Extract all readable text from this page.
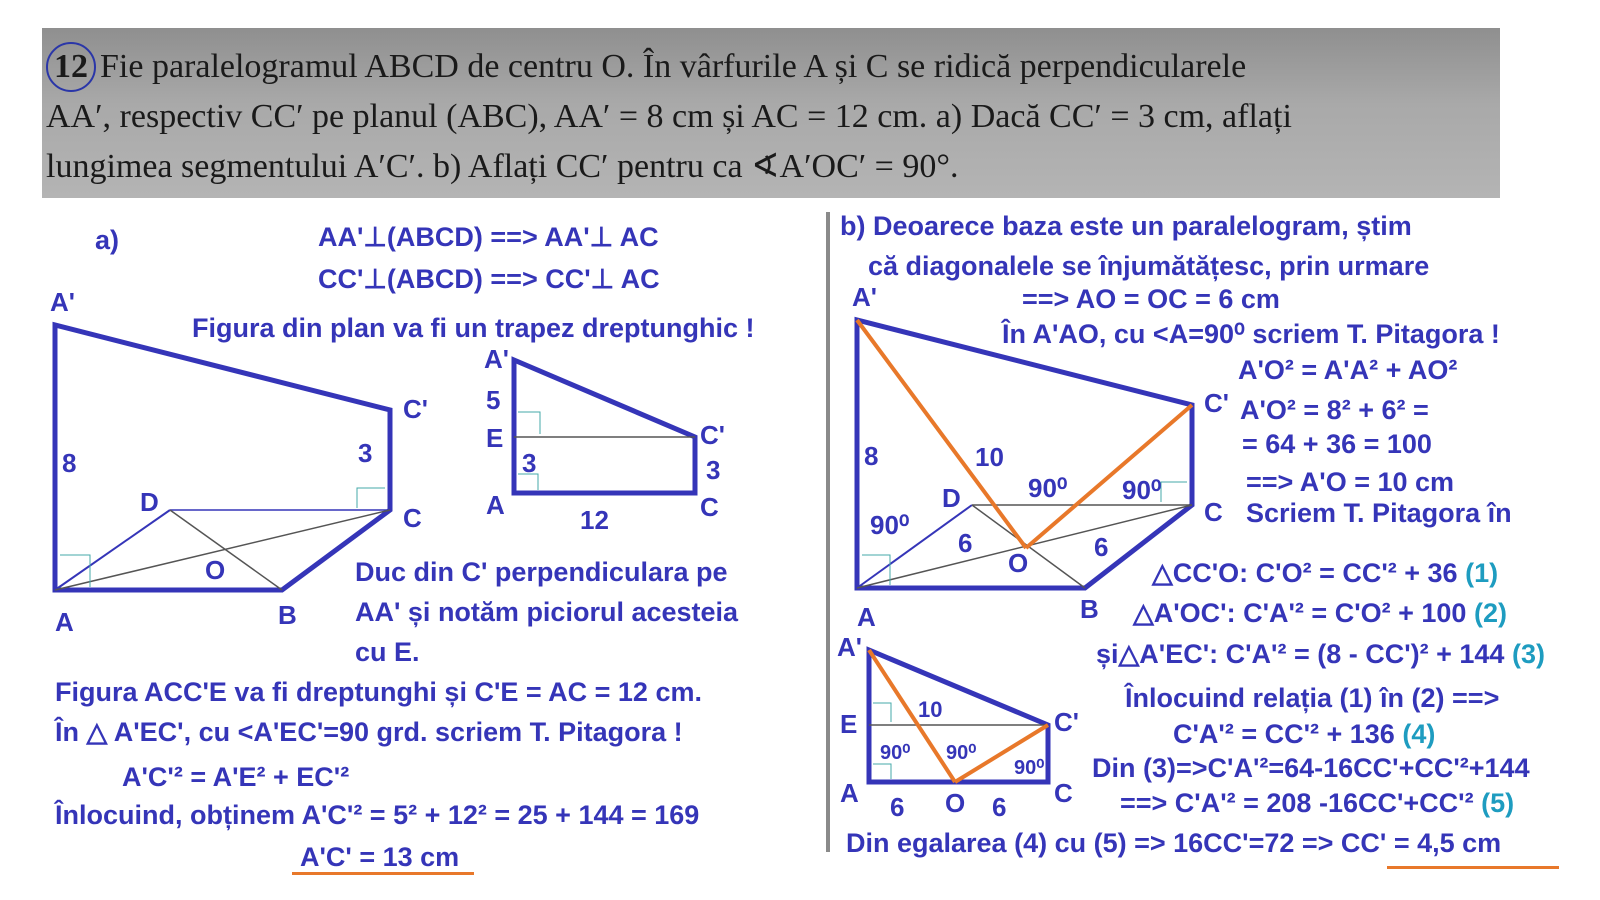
12 Fie paralelogramul ABCD de centru O. În vârfurile A și C se ridică perpendicularele
AA′, respectiv CC′ pe planul (ABC), AA′ = 8 cm și AC = 12 cm. a) Dacă CC′ = 3 cm, aflați
lungimea segmentului A′C′. b) Aflați CC′ pentru ca ∢A′OC′ = 90°.
a)	AA'⊥(ABCD) ==> AA'⊥ AC
CC'⊥(ABCD) ==> CC'⊥ AC
Figura din plan va fi un trapez dreptunghic !
A'
C'
C
D
O
A	B
8	3
A'
5
E
3
A
C'
3
C
12
Duc din C' perpendiculara pe
AA' și notăm piciorul acesteia
cu E.
Figura ACC'E va fi dreptunghi și C'E = AC = 12 cm.
În △ A'EC', cu <A'EC'=90 grd. scriem T. Pitagora !
A'C'² = A'E² + EC'²
Înlocuind, obținem A'C'² = 5² + 12² = 25 + 144 = 169
A'C' = 13 cm
b) Deoarece baza este un paralelogram, știm
că diagonalele se înjumătățesc, prin urmare
==> AO = OC = 6 cm
În A'AO, cu <A=90⁰ scriem T. Pitagora !
A'O² = A'A² + AO²
A'O² = 8² + 6² =
= 64 + 36 = 100
==> A'O = 10 cm
Scriem T. Pitagora în
A'
C'
C
D
O
A	B
8	10
6	6
90⁰
90⁰ 90⁰
△CC'O: C'O² = CC'² + 36 (1)
△A'OC': C'A'² = C'O² + 100 (2)
și△A'EC': C'A'² = (8 - CC')² + 144 (3)
Înlocuind relația (1) în (2) ==>
C'A'² = CC'² + 136 (4)
Din (3)=>C'A'²=64-16CC'+CC'²+144
==> C'A'² = 208 -16CC'+CC'² (5)
Din egalarea (4) cu (5) => 16CC'=72 => CC' = 4,5 cm
A'
E
A	O
C'
C
10
6	6
90⁰ 90⁰
90⁰
